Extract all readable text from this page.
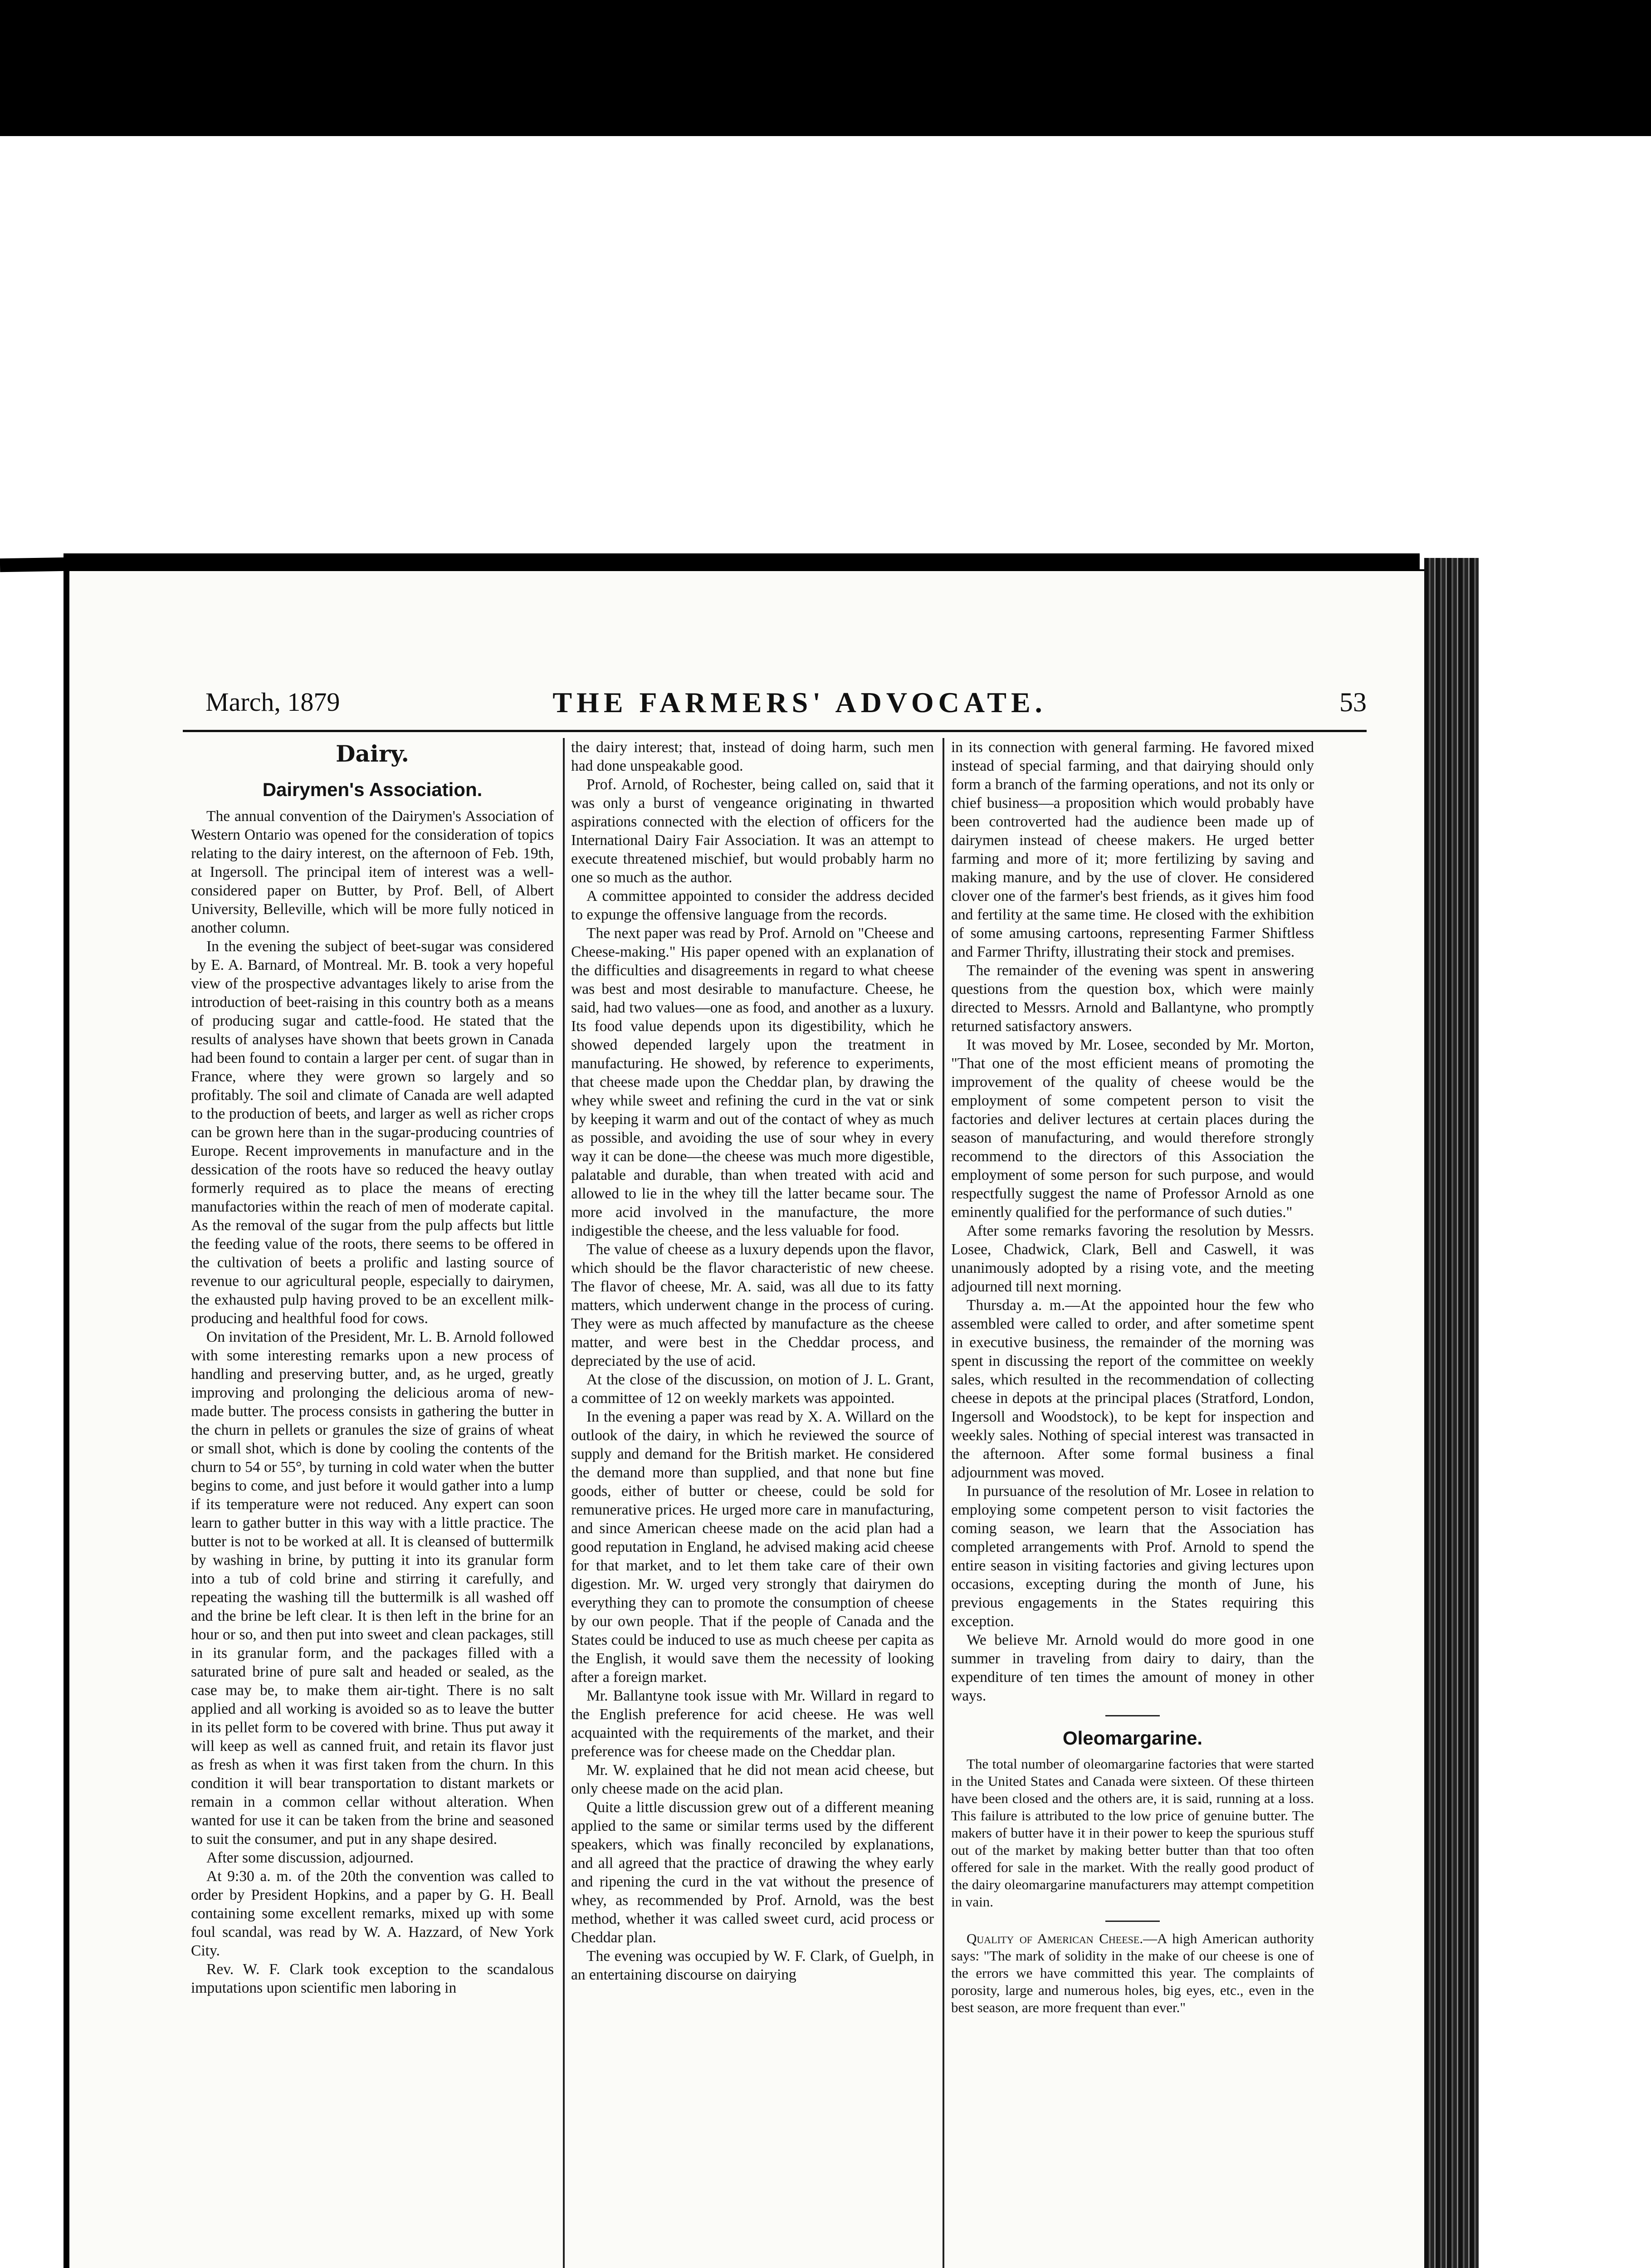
March, 1879	THE FARMERS' ADVOCATE.	53
Dairy.
Dairymen's Association.

The annual convention of the Dairymen's Association of Western Ontario was opened for the consideration of topics relating to the dairy interest, on the afternoon of Feb. 19th, at Ingersoll. The principal item of interest was a well-considered paper on Butter, by Prof. Bell, of Albert University, Belleville, which will be more fully noticed in another column.

In the evening the subject of beet-sugar was considered by E. A. Barnard, of Montreal. Mr. B. took a very hopeful view of the prospective advantages likely to arise from the introduction of beet-raising in this country both as a means of producing sugar and cattle-food. He stated that the results of analyses have shown that beets grown in Canada had been found to contain a larger per cent. of sugar than in France, where they were grown so largely and so profitably. The soil and climate of Canada are well adapted to the production of beets, and larger as well as richer crops can be grown here than in the sugar-producing countries of Europe. Recent improvements in manufacture and in the dessication of the roots have so reduced the heavy outlay formerly required as to place the means of erecting manufactories within the reach of men of moderate capital. As the removal of the sugar from the pulp affects but little the feeding value of the roots, there seems to be offered in the cultivation of beets a prolific and lasting source of revenue to our agricultural people, especially to dairymen, the exhausted pulp having proved to be an excellent milk-producing and healthful food for cows.

On invitation of the President, Mr. L. B. Arnold followed with some interesting remarks upon a new process of handling and preserving butter, and, as he urged, greatly improving and prolonging the delicious aroma of new-made butter. The process consists in gathering the butter in the churn in pellets or granules the size of grains of wheat or small shot, which is done by cooling the contents of the churn to 54 or 55°, by turning in cold water when the butter begins to come, and just before it would gather into a lump if its temperature were not reduced. Any expert can soon learn to gather butter in this way with a little practice. The butter is not to be worked at all. It is cleansed of buttermilk by washing in brine, by putting it into its granular form into a tub of cold brine and stirring it carefully, and repeating the washing till the buttermilk is all washed off and the brine be left clear. It is then left in the brine for an hour or so, and then put into sweet and clean packages, still in its granular form, and the packages filled with a saturated brine of pure salt and headed or sealed, as the case may be, to make them air-tight. There is no salt applied and all working is avoided so as to leave the butter in its pellet form to be covered with brine. Thus put away it will keep as well as canned fruit, and retain its flavor just as fresh as when it was first taken from the churn. In this condition it will bear transportation to distant markets or remain in a common cellar without alteration. When wanted for use it can be taken from the brine and seasoned to suit the consumer, and put in any shape desired.

After some discussion, adjourned.

At 9:30 a. m. of the 20th the convention was called to order by President Hopkins, and a paper by G. H. Beall containing some excellent remarks, mixed up with some foul scandal, was read by W. A. Hazzard, of New York City.

Rev. W. F. Clark took exception to the scandalous imputations upon scientific men laboring in

the dairy interest; that, instead of doing harm, such men had done unspeakable good.

Prof. Arnold, of Rochester, being called on, said that it was only a burst of vengeance originating in thwarted aspirations connected with the election of officers for the International Dairy Fair Association. It was an attempt to execute threatened mischief, but would probably harm no one so much as the author.

A committee appointed to consider the address decided to expunge the offensive language from the records.

The next paper was read by Prof. Arnold on "Cheese and Cheese-making." His paper opened with an explanation of the difficulties and disagreements in regard to what cheese was best and most desirable to manufacture. Cheese, he said, had two values—one as food, and another as a luxury. Its food value depends upon its digestibility, which he showed depended largely upon the treatment in manufacturing. He showed, by reference to experiments, that cheese made upon the Cheddar plan, by drawing the whey while sweet and refining the curd in the vat or sink by keeping it warm and out of the contact of whey as much as possible, and avoiding the use of sour whey in every way it can be done—the cheese was much more digestible, palatable and durable, than when treated with acid and allowed to lie in the whey till the latter became sour. The more acid involved in the manufacture, the more indigestible the cheese, and the less valuable for food.

The value of cheese as a luxury depends upon the flavor, which should be the flavor characteristic of new cheese. The flavor of cheese, Mr. A. said, was all due to its fatty matters, which underwent change in the process of curing. They were as much affected by manufacture as the cheese matter, and were best in the Cheddar process, and depreciated by the use of acid.

At the close of the discussion, on motion of J. L. Grant, a committee of 12 on weekly markets was appointed.

In the evening a paper was read by X. A. Willard on the outlook of the dairy, in which he reviewed the source of supply and demand for the British market. He considered the demand more than supplied, and that none but fine goods, either of butter or cheese, could be sold for remunerative prices. He urged more care in manufacturing, and since American cheese made on the acid plan had a good reputation in England, he advised making acid cheese for that market, and to let them take care of their own digestion. Mr. W. urged very strongly that dairymen do everything they can to promote the consumption of cheese by our own people. That if the people of Canada and the States could be induced to use as much cheese per capita as the English, it would save them the necessity of looking after a foreign market.

Mr. Ballantyne took issue with Mr. Willard in regard to the English preference for acid cheese. He was well acquainted with the requirements of the market, and their preference was for cheese made on the Cheddar plan.

Mr. W. explained that he did not mean acid cheese, but only cheese made on the acid plan.

Quite a little discussion grew out of a different meaning applied to the same or similar terms used by the different speakers, which was finally reconciled by explanations, and all agreed that the practice of drawing the whey early and ripening the curd in the vat without the presence of whey, as recommended by Prof. Arnold, was the best method, whether it was called sweet curd, acid process or Cheddar plan.

The evening was occupied by W. F. Clark, of Guelph, in an entertaining discourse on dairying

in its connection with general farming. He favored mixed instead of special farming, and that dairying should only form a branch of the farming operations, and not its only or chief business—a proposition which would probably have been controverted had the audience been made up of dairymen instead of cheese makers. He urged better farming and more of it; more fertilizing by saving and making manure, and by the use of clover. He considered clover one of the farmer's best friends, as it gives him food and fertility at the same time. He closed with the exhibition of some amusing cartoons, representing Farmer Shiftless and Farmer Thrifty, illustrating their stock and premises.

The remainder of the evening was spent in answering questions from the question box, which were mainly directed to Messrs. Arnold and Ballantyne, who promptly returned satisfactory answers.

It was moved by Mr. Losee, seconded by Mr. Morton, "That one of the most efficient means of promoting the improvement of the quality of cheese would be the employment of some competent person to visit the factories and deliver lectures at certain places during the season of manufacturing, and would therefore strongly recommend to the directors of this Association the employment of some person for such purpose, and would respectfully suggest the name of Professor Arnold as one eminently qualified for the performance of such duties."

After some remarks favoring the resolution by Messrs. Losee, Chadwick, Clark, Bell and Caswell, it was unanimously adopted by a rising vote, and the meeting adjourned till next morning.

Thursday a. m.—At the appointed hour the few who assembled were called to order, and after sometime spent in executive business, the remainder of the morning was spent in discussing the report of the committee on weekly sales, which resulted in the recommendation of collecting cheese in depots at the principal places (Stratford, London, Ingersoll and Woodstock), to be kept for inspection and weekly sales. Nothing of special interest was transacted in the afternoon. After some formal business a final adjournment was moved.

In pursuance of the resolution of Mr. Losee in relation to employing some competent person to visit factories the coming season, we learn that the Association has completed arrangements with Prof. Arnold to spend the entire season in visiting factories and giving lectures upon occasions, excepting during the month of June, his previous engagements in the States requiring this exception.

We believe Mr. Arnold would do more good in one summer in traveling from dairy to dairy, than the expenditure of ten times the amount of money in other ways.

Oleomargarine.

The total number of oleomargarine factories that were started in the United States and Canada were sixteen. Of these thirteen have been closed and the others are, it is said, running at a loss. This failure is attributed to the low price of genuine butter. The makers of butter have it in their power to keep the spurious stuff out of the market by making better butter than that too often offered for sale in the market. With the really good product of the dairy oleomargarine manufacturers may attempt competition in vain.

Quality of American Cheese.—A high American authority says: "The mark of solidity in the make of our cheese is one of the errors we have committed this year. The complaints of porosity, large and numerous holes, big eyes, etc., even in the best season, are more frequent than ever."
